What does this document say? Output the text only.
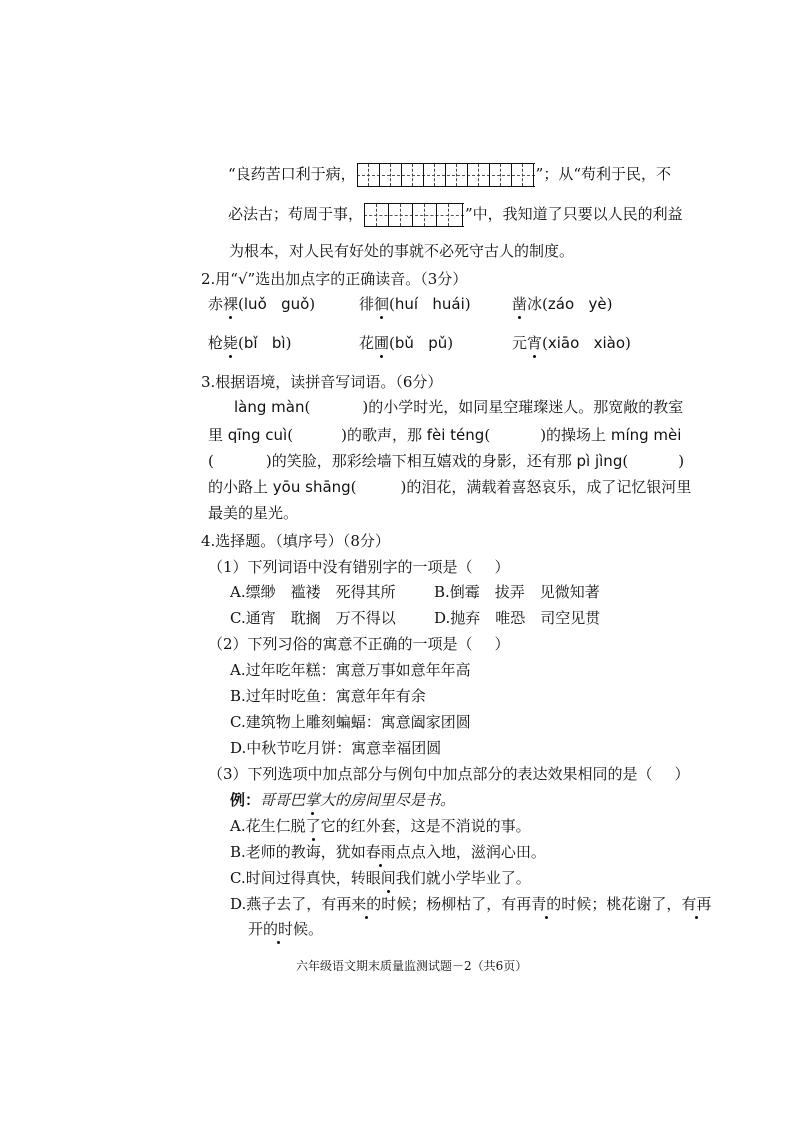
“良药苦口利于病，	”；从“苟利于民，不
必法古；苟周于事，	”中，我知道了只要以人民的利益
为根本，对人民有好处的事就不必死守古人的制度。
2.用“√”选出加点字的正确读音。（3分）
赤裸(luǒ guǒ)	徘徊(huí huái)	凿冰(záo yè)
枪毙(bǐ bì)	花圃(bǔ pǔ)	元宵(xiāo xiào)
3.根据语境，读拼音写词语。（6分）
làng màn(	)的小学时光，如同星空璀璨迷人。那宽敞的教室
里 qīng cuì(	)的歌声，那 fèi téng(	)的操场上 míng mèi
(	)的笑脸，那彩绘墙下相互嬉戏的身影，还有那 pì jìng(	)
的小路上 yōu shāng(	)的泪花，满载着喜怒哀乐，成了记忆银河里
最美的星光。
4.选择题。（填序号）（8分）
（1）下列词语中没有错别字的一项是（ ）
A.缥缈　褴褛　死得其所	B.倒霉　拔弄　见微知著
C.通宵　耽搁　万不得以	D.抛弃　唯恐　司空见贯
（2）下列习俗的寓意不正确的一项是（ ）
A.过年吃年糕：寓意万事如意年年高
B.过年时吃鱼：寓意年年有余
C.建筑物上雕刻蝙蝠：寓意阖家团圆
D.中秋节吃月饼：寓意幸福团圆
（3）下列选项中加点部分与例句中加点部分的表达效果相同的是（ ）
例：哥哥巴掌大的房间里尽是书。
A.花生仁脱了它的红外套，这是不消说的事。
B.老师的教诲，犹如春雨点点入地，滋润心田。
C.时间过得真快，转眼间我们就小学毕业了。
D.燕子去了，有再来的时候；杨柳枯了，有再青的时候；桃花谢了，有再
开的时候。
六年级语文期末质量监测试题－2（共6页）
